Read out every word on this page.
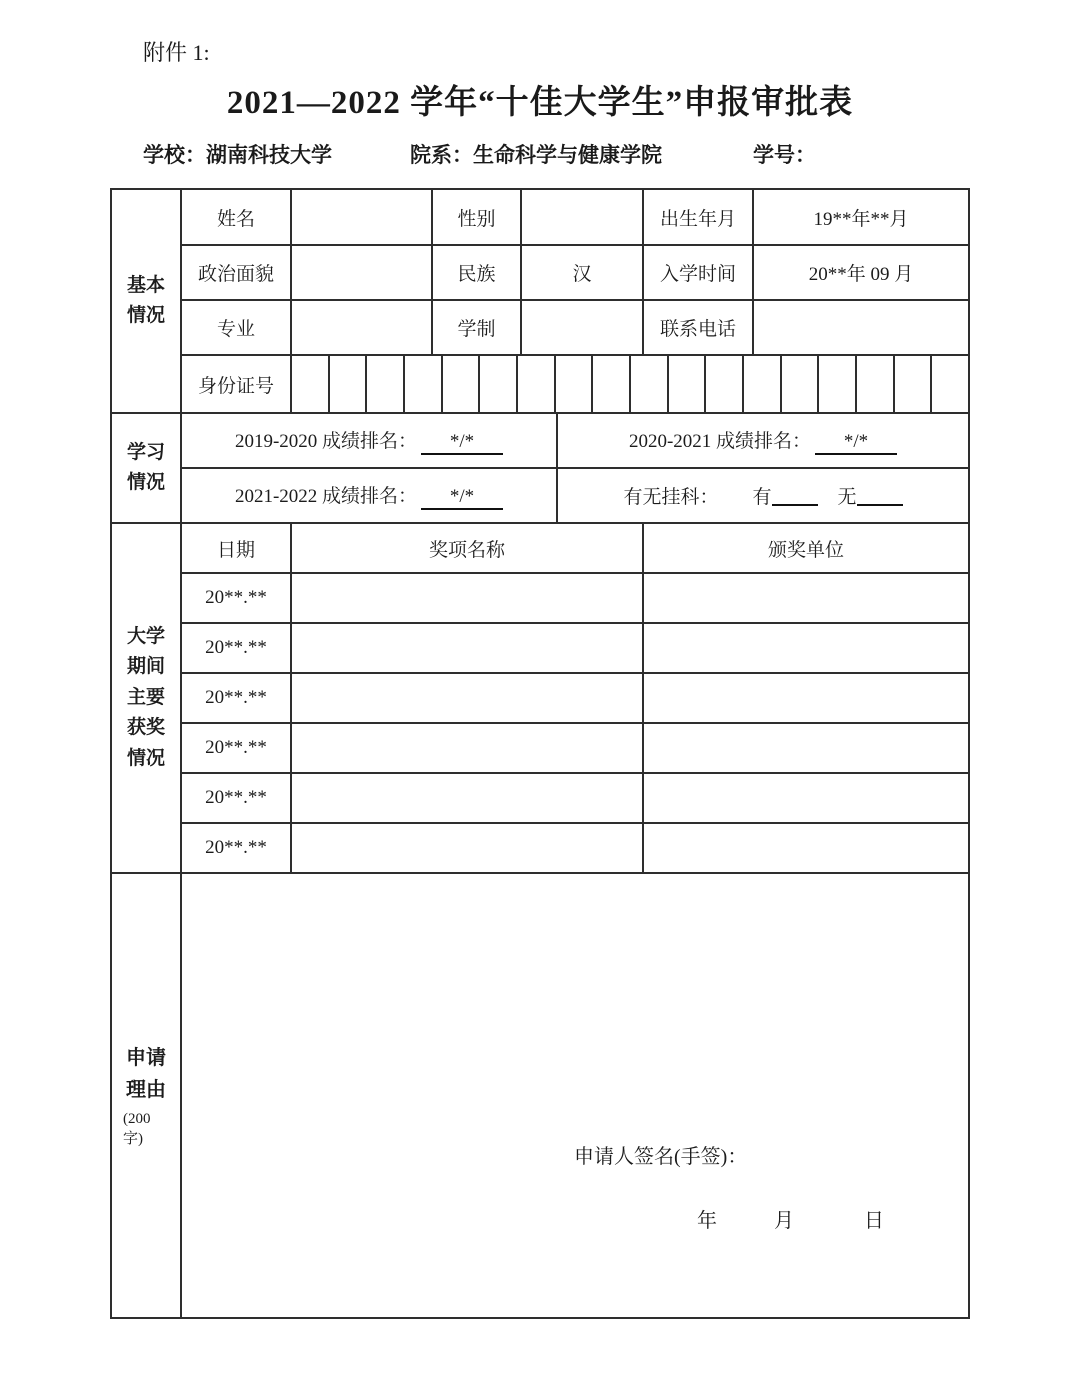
附件 1:
2021—2022 学年“十佳大学生”申报审批表
学校：湖南科技大学	院系：生命科学与健康学院	学号：
基本情况	姓名		性别			出生年月	19**年**月
	政治面貌		民族	汉		入学时间	20**年 09 月
	专业		学制			联系电话	
	身份证号						

学习情况	2019-2020 成绩排名： */*				2020-2021 成绩排名： */*		
	2021-2022 成绩排名： */*				有无挂科： 有 无		
大学期间主要获奖情况	日期	奖项名称				颁奖单位	
	20**.**						
	20**.**						
	20**.**						
	20**.**						
	20**.**						
	20**.**						

申请理由
(200字)

申请人签名(手签)：
年	月	日
